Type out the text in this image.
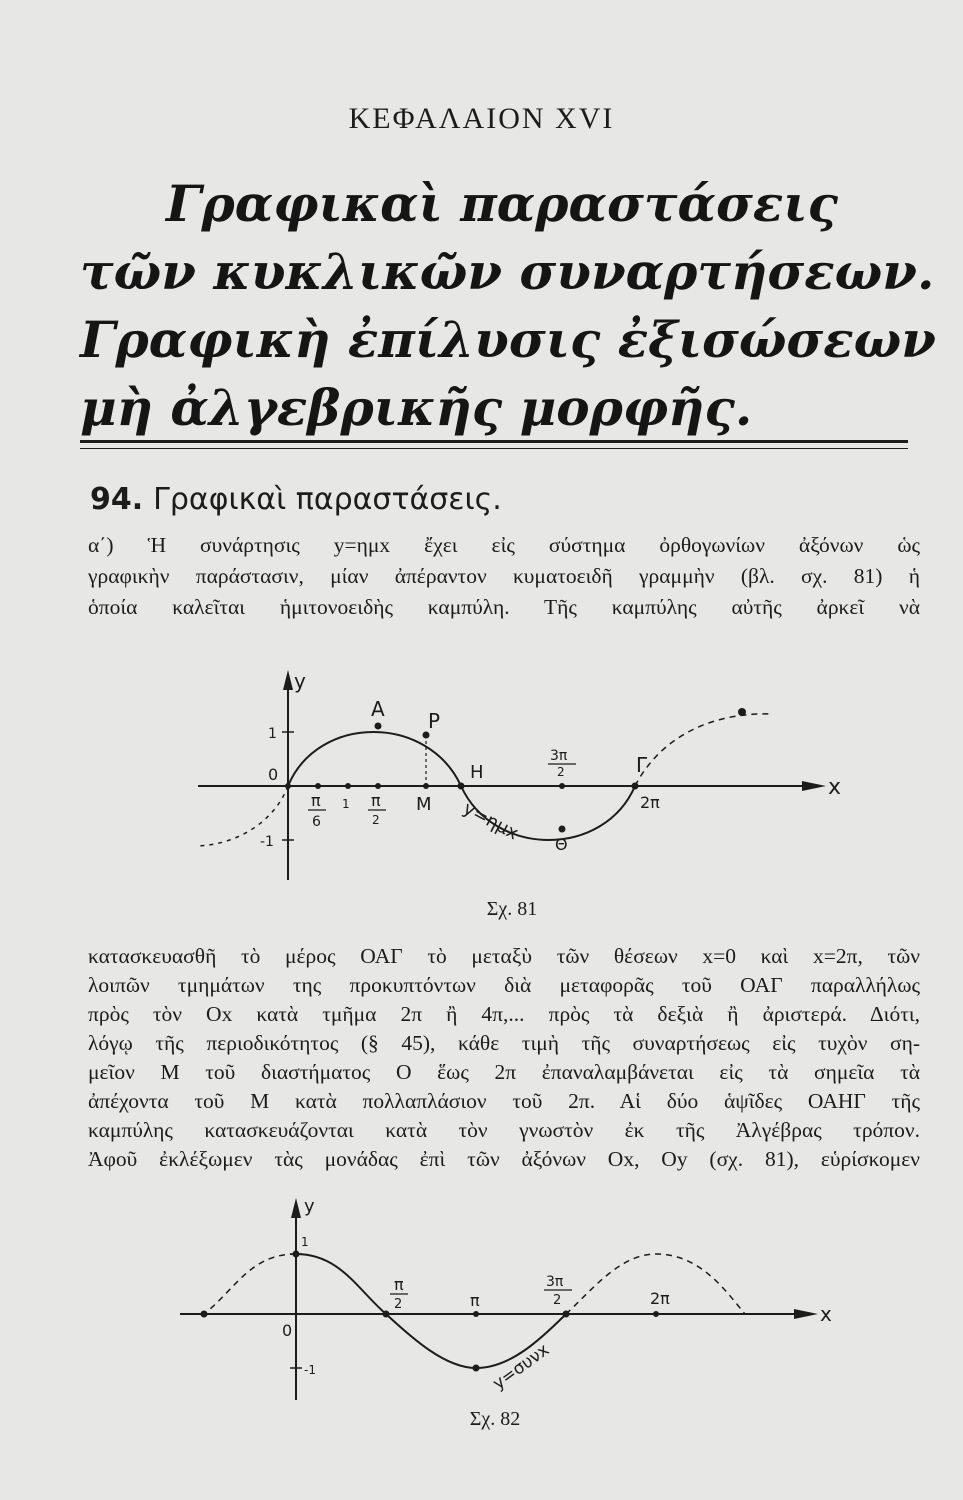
ΚΕΦΑΛΑΙΟΝ XVI
Γραφικαὶ παραστάσεις
τῶν κυκλικῶν συναρτήσεων.
Γραφικὴ ἐπίλυσις ἐξισώσεων
μὴ ἀλγεβρικῆς μορφῆς.
94. Γραφικαὶ παραστάσεις.
α΄) Ἡ συνάρτησις y=ημx ἔχει εἰς σύστημα ὀρθογωνίων ἀξόνων ὡς
γραφικὴν παράστασιν, μίαν ἀπέραντον κυματοειδῆ γραμμὴν (βλ. σχ. 81) ἡ
ὁποία καλεῖται ἡμιτονοειδὴς καμπύλη. Τῆς καμπύλης αὐτῆς ἀρκεῖ νὰ
y
x
1
0
-1
A P
H
M
Γ
Θ
π
6
1 π
2
3π
2
2π
y=ημx
Σχ. 81
κατασκευασθῆ τὸ μέρος ΟΑΓ τὸ μεταξὺ τῶν θέσεων x=0 καὶ x=2π, τῶν
λοιπῶν τμημάτων της προκυπτόντων διὰ μεταφορᾶς τοῦ ΟΑΓ παραλλήλως
πρὸς τὸν Οx κατὰ τμῆμα 2π ἢ 4π,... πρὸς τὰ δεξιὰ ἢ ἀριστερά. Διότι,
λόγῳ τῆς περιοδικότητος (§ 45), κάθε τιμὴ τῆς συναρτήσεως εἰς τυχὸν ση-
μεῖον Μ τοῦ διαστήματος Ο ἕως 2π ἐπαναλαμβάνεται εἰς τὰ σημεῖα τὰ
ἀπέχοντα τοῦ Μ κατὰ πολλαπλάσιον τοῦ 2π. Αἱ δύο ἁψῖδες ΟΑΗΓ τῆς
καμπύλης κατασκευάζονται κατὰ τὸν γνωστὸν ἐκ τῆς Ἀλγέβρας τρόπον.
Ἀφοῦ ἐκλέξωμεν τὰς μονάδας ἐπὶ τῶν ἀξόνων Οx, Οy (σχ. 81), εὑρίσκομεν
y
x
1
0
-1
π
2	π
3π
2	2π
y=συνx
Σχ. 82
